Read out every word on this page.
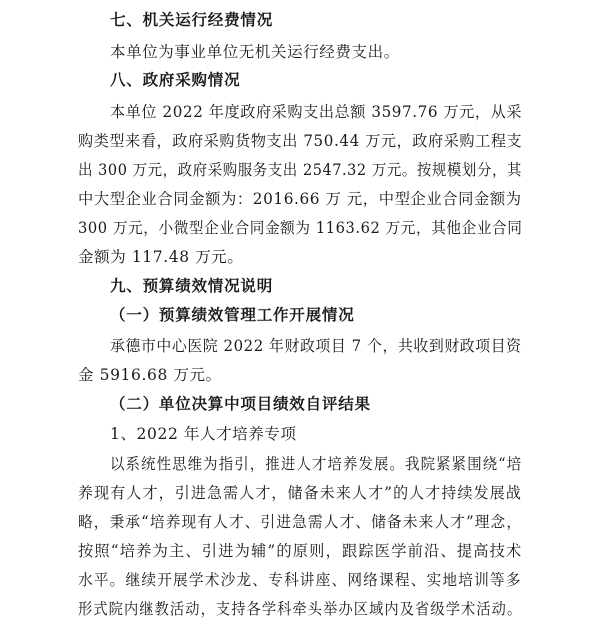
七、机关运行经费情况
本单位为事业单位无机关运行经费支出。
八、政府采购情况
本单位 2022 年度政府采购支出总额 3597.76 万元，从采
购类型来看，政府采购货物支出 750.44 万元，政府采购工程支
出 300 万元，政府采购服务支出 2547.32 万元。按规模划分，其
中大型企业合同金额为：2016.66 万 元，中型企业合同金额为
300 万元，小微型企业合同金额为 1163.62 万元，其他企业合同
金额为 117.48 万元。
九、预算绩效情况说明
（一）预算绩效管理工作开展情况
承德市中心医院 2022 年财政项目 7 个，共收到财政项目资
金 5916.68 万元。
（二）单位决算中项目绩效自评结果
1、2022 年人才培养专项
以系统性思维为指引，推进人才培养发展。我院紧紧围绕“培
养现有人才，引进急需人才，储备未来人才”的人才持续发展战
略，秉承“培养现有人才、引进急需人才、储备未来人才”理念，
按照“培养为主、引进为辅”的原则，跟踪医学前沿、提高技术
水平。继续开展学术沙龙、专科讲座、网络课程、实地培训等多
形式院内继教活动，支持各学科牵头举办区域内及省级学术活动。
